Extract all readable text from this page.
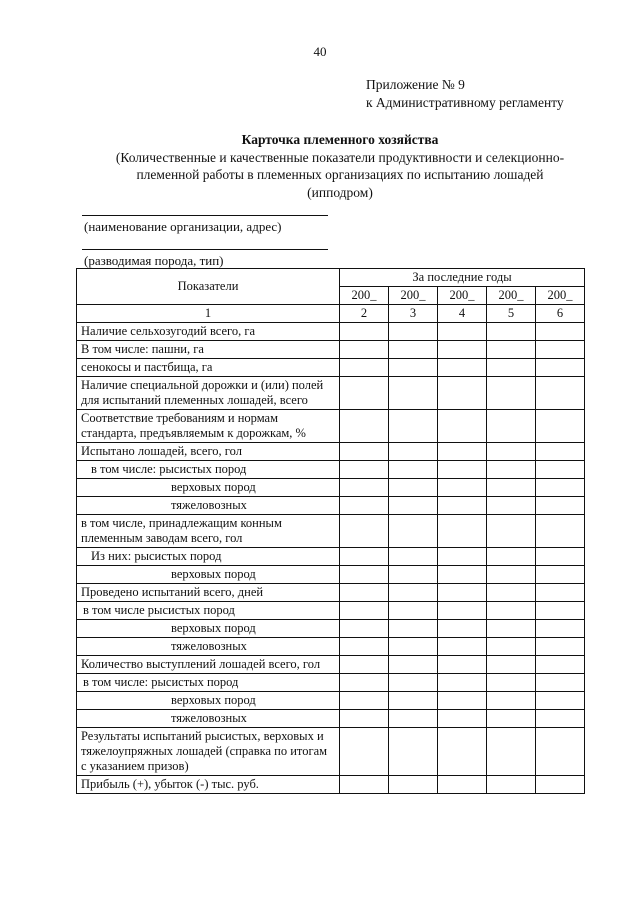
40
Приложение № 9
к Административному регламенту
Карточка племенного хозяйства
(Количественные и качественные показатели продуктивности и селекционно-
племенной работы в племенных организациях по испытанию лошадей
(ипподром)
(наименование организации, адрес)
(разводимая порода, тип)
Показатели	За последние годы				
	200_	200_	200_	200_	200_
1	2	3	4	5	6
Наличие сельхозугодий всего, га					
В том числе: пашни, га					
сенокосы и пастбища, га					
Наличие специальной дорожки и (или) полей для испытаний племенных лошадей, всего					
Соответствие требованиям и нормам стандарта, предъявляемым к дорожкам, %					
Испытано лошадей, всего, гол					
в том числе: рысистых пород					
верховых пород					
тяжеловозных					
в том числе, принадлежащим конным племенным заводам всего, гол					
Из них: рысистых пород					
верховых пород					
Проведено испытаний всего, дней					
в том числе рысистых пород					
верховых пород					
тяжеловозных					
Количество выступлений лошадей всего, гол					
в том числе: рысистых пород					
верховых пород					
тяжеловозных					
Результаты испытаний рысистых, верховых и тяжелоупряжных лошадей (справка по итогам с указанием призов)					
Прибыль (+), убыток (-) тыс. руб.					
